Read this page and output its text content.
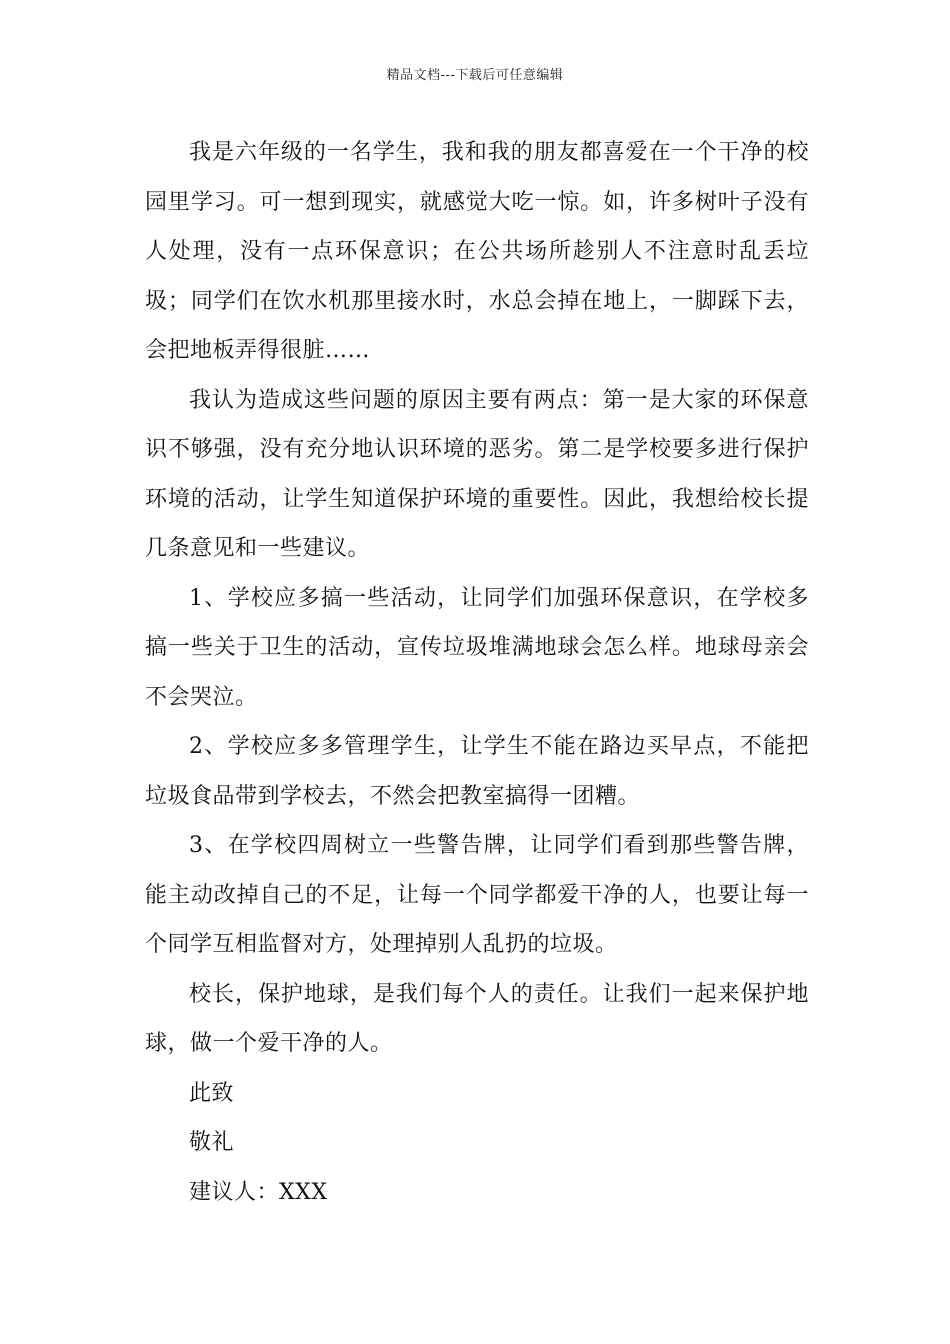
精品文档---下载后可任意编辑

我是六年级的一名学生，我和我的朋友都喜爱在一个干净的校园里学习。可一想到现实，就感觉大吃一惊。如，许多树叶子没有人处理，没有一点环保意识；在公共场所趁别人不注意时乱丢垃圾；同学们在饮水机那里接水时，水总会掉在地上，一脚踩下去，会把地板弄得很脏……

我认为造成这些问题的原因主要有两点：第一是大家的环保意识不够强，没有充分地认识环境的恶劣。第二是学校要多进行保护环境的活动，让学生知道保护环境的重要性。因此，我想给校长提几条意见和一些建议。

1、学校应多搞一些活动，让同学们加强环保意识，在学校多搞一些关于卫生的活动，宣传垃圾堆满地球会怎么样。地球母亲会不会哭泣。

2、学校应多多管理学生，让学生不能在路边买早点，不能把垃圾食品带到学校去，不然会把教室搞得一团糟。

3、在学校四周树立一些警告牌，让同学们看到那些警告牌，能主动改掉自己的不足，让每一个同学都爱干净的人，也要让每一个同学互相监督对方，处理掉别人乱扔的垃圾。

校长，保护地球，是我们每个人的责任。让我们一起来保护地球，做一个爱干净的人。

此致

敬礼

建议人：XXX
